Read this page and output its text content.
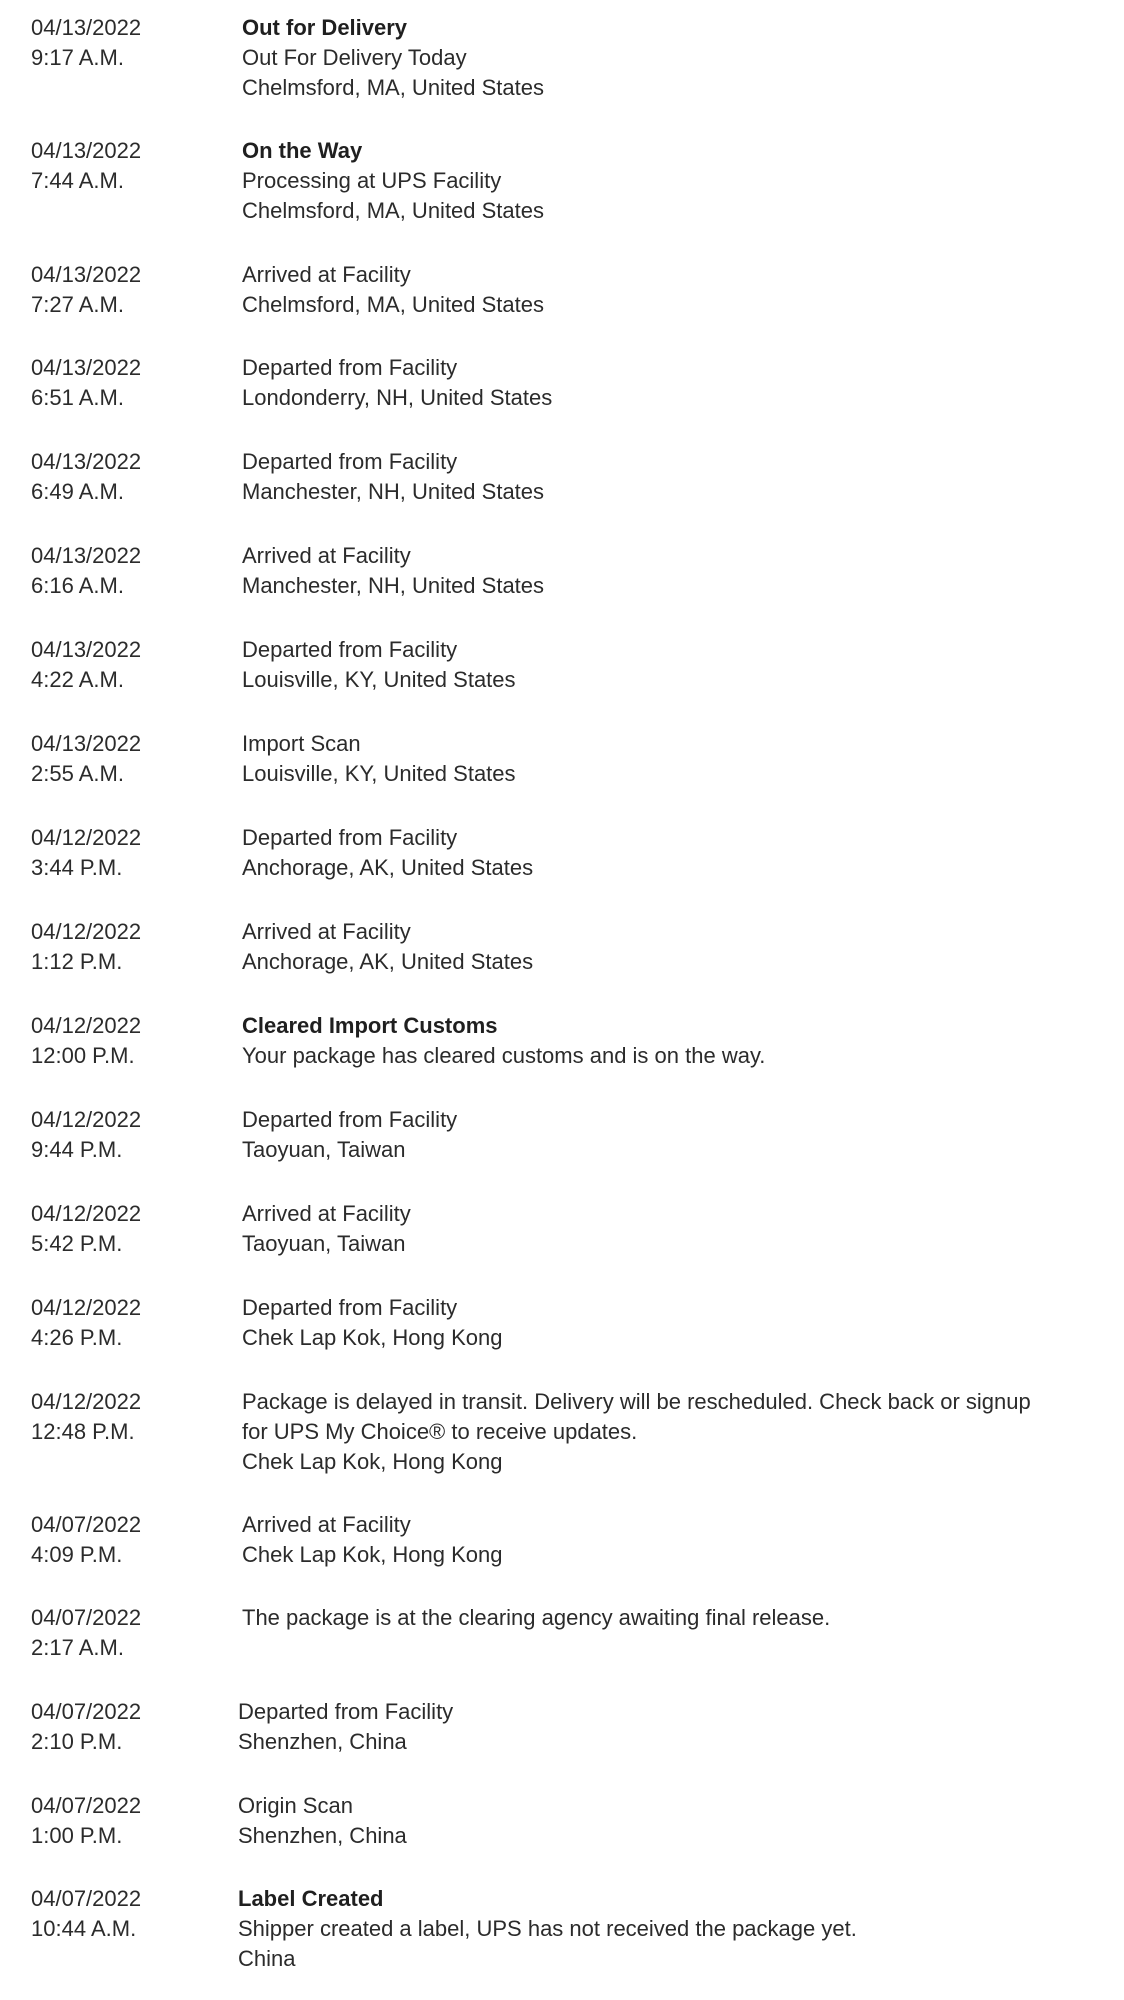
04/13/2022
9:17 A.M.
Out for Delivery
Out For Delivery Today
Chelmsford, MA, United States
04/13/2022
7:44 A.M.
On the Way
Processing at UPS Facility
Chelmsford, MA, United States
04/13/2022
7:27 A.M.
Arrived at Facility
Chelmsford, MA, United States
04/13/2022
6:51 A.M.
Departed from Facility
Londonderry, NH, United States
04/13/2022
6:49 A.M.
Departed from Facility
Manchester, NH, United States
04/13/2022
6:16 A.M.
Arrived at Facility
Manchester, NH, United States
04/13/2022
4:22 A.M.
Departed from Facility
Louisville, KY, United States
04/13/2022
2:55 A.M.
Import Scan
Louisville, KY, United States
04/12/2022
3:44 P.M.
Departed from Facility
Anchorage, AK, United States
04/12/2022
1:12 P.M.
Arrived at Facility
Anchorage, AK, United States
04/12/2022
12:00 P.M.
Cleared Import Customs
Your package has cleared customs and is on the way.
04/12/2022
9:44 P.M.
Departed from Facility
Taoyuan, Taiwan
04/12/2022
5:42 P.M.
Arrived at Facility
Taoyuan, Taiwan
04/12/2022
4:26 P.M.
Departed from Facility
Chek Lap Kok, Hong Kong
04/12/2022
12:48 P.M.
Package is delayed in transit. Delivery will be rescheduled. Check back or signup
for UPS My Choice® to receive updates.
Chek Lap Kok, Hong Kong
04/07/2022
4:09 P.M.
Arrived at Facility
Chek Lap Kok, Hong Kong
04/07/2022
2:17 A.M.
The package is at the clearing agency awaiting final release.
04/07/2022
2:10 P.M.
Departed from Facility
Shenzhen, China
04/07/2022
1:00 P.M.
Origin Scan
Shenzhen, China
04/07/2022
10:44 A.M.
Label Created
Shipper created a label, UPS has not received the package yet.
China
